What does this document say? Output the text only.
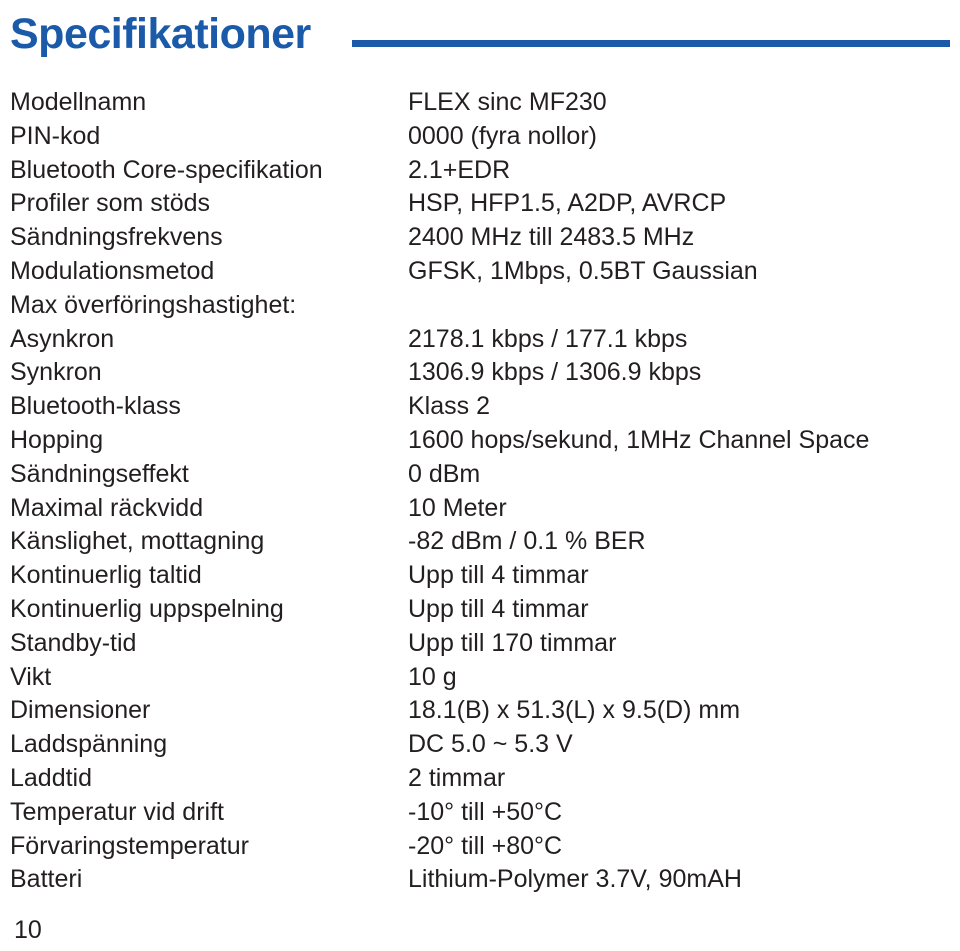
Specifikationer
Modellnamn	FLEX sinc MF230
PIN-kod	0000 (fyra nollor)
Bluetooth Core-specifikation	2.1+EDR
Profiler som stöds	HSP, HFP1.5, A2DP, AVRCP
Sändningsfrekvens	2400 MHz till 2483.5 MHz
Modulationsmetod	GFSK, 1Mbps, 0.5BT Gaussian
Max överföringshastighet:
Asynkron	2178.1 kbps / 177.1 kbps
Synkron	1306.9 kbps / 1306.9 kbps
Bluetooth-klass	Klass 2
Hopping	1600 hops/sekund, 1MHz Channel Space
Sändningseffekt	0 dBm
Maximal räckvidd	10 Meter
Känslighet, mottagning	-82 dBm / 0.1 % BER
Kontinuerlig taltid	Upp till 4 timmar
Kontinuerlig uppspelning	Upp till 4 timmar
Standby-tid	Upp till 170 timmar
Vikt	10 g
Dimensioner	18.1(B) x 51.3(L) x 9.5(D) mm
Laddspänning	DC 5.0 ~ 5.3 V
Laddtid	2 timmar
Temperatur vid drift	-10° till +50°C
Förvaringstemperatur	-20° till +80°C
Batteri	Lithium-Polymer 3.7V, 90mAH
10
